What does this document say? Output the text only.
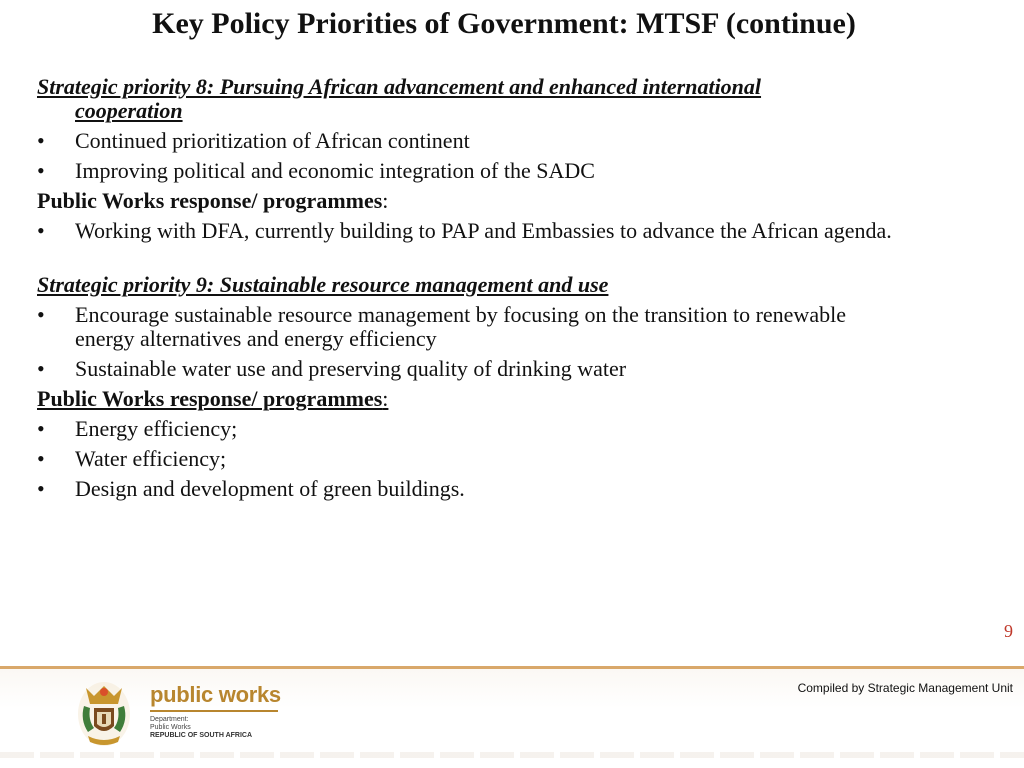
Key Policy Priorities of Government: MTSF (continue)
Strategic priority 8: Pursuing African advancement and enhanced international
cooperation
•	Continued prioritization of African continent
•	Improving political and economic integration of the SADC
Public Works response/ programmes:
•	Working with DFA, currently building to PAP and Embassies to advance the African agenda.
Strategic priority 9: Sustainable resource management and use
•	Encourage sustainable resource management by focusing on the transition to renewable energy alternatives and energy efficiency
•	Sustainable water use and preserving quality of drinking water
Public Works response/ programmes:
•	Energy efficiency;
•	Water efficiency;
•	Design and development of green buildings.
9
Compiled by Strategic Management Unit
public works
Department:
Public Works
REPUBLIC OF SOUTH AFRICA
